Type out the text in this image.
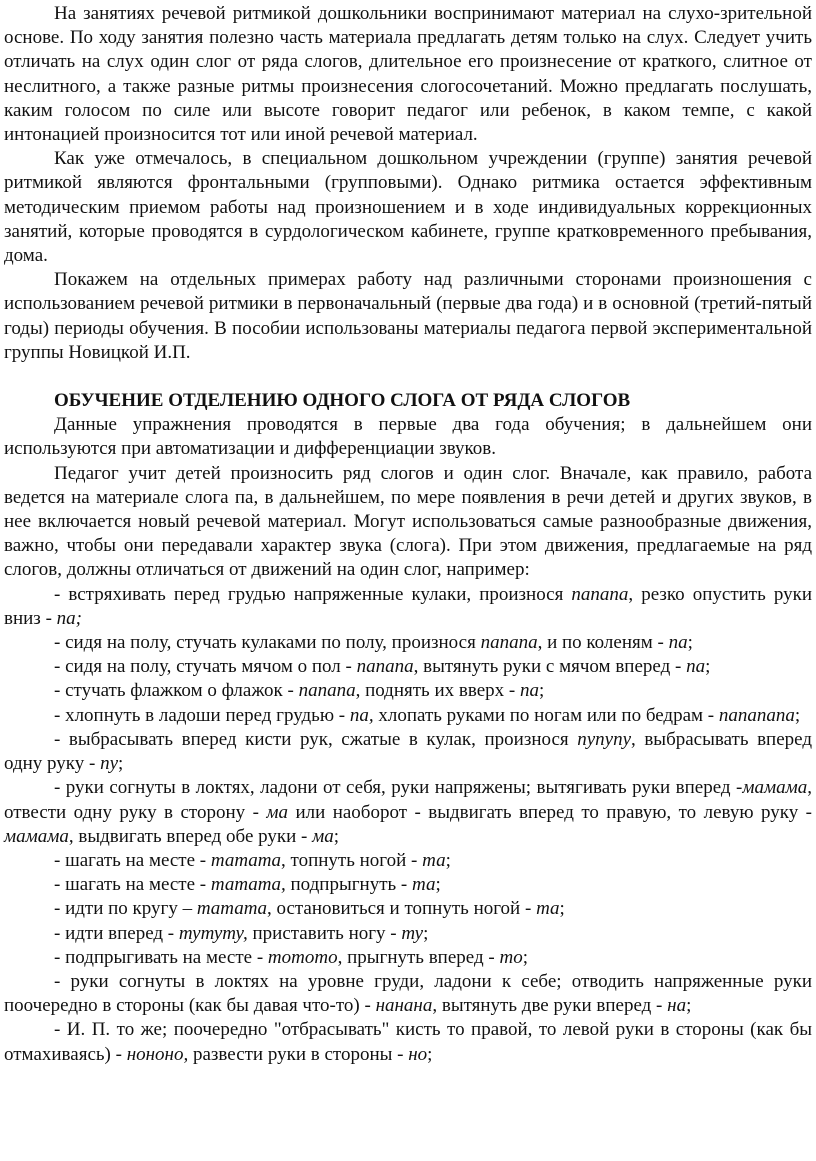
На занятиях речевой ритмикой дошкольники воспринимают материал на слухо-зрительной основе. По ходу занятия полезно часть материала предлагать детям только на слух. Следует учить отличать на слух один слог от ряда слогов, длительное его произнесение от краткого, слитное от неслитного, а также разные ритмы произнесения слогосочетаний. Можно предлагать послушать, каким голосом по силе или высоте говорит педагог или ребенок, в каком темпе, с какой интонацией произносится тот или иной речевой материал.

Как уже отмечалось, в специальном дошкольном учреждении (группе) занятия речевой ритмикой являются фронтальными (групповыми). Однако ритмика остается эффективным методическим приемом работы над произношением и в ходе индивидуальных коррекционных занятий, которые проводятся в сурдологическом кабинете, группе кратковременного пребывания, дома.

Покажем на отдельных примерах работу над различными сторонами произношения с использованием речевой ритмики в первоначальный (первые два года) и в основной (третий-пятый годы) периоды обучения. В пособии использованы материалы педагога первой экспериментальной группы Новицкой И.П.

ОБУЧЕНИЕ ОТДЕЛЕНИЮ ОДНОГО СЛОГА ОТ РЯДА СЛОГОВ

Данные упражнения проводятся в первые два года обучения; в дальнейшем они используются при автоматизации и дифференциации звуков.

Педагог учит детей произносить ряд слогов и один слог. Вначале, как правило, работа ведется на материале слога па, в дальнейшем, по мере появления в речи детей и других звуков, в нее включается новый речевой материал. Могут использоваться самые разнообразные движения, важно, чтобы они передавали характер звука (слога). При этом движения, предлагаемые на ряд слогов, должны отличаться от движений на один слог, например:

- встряхивать перед грудью напряженные кулаки, произнося папапа, резко опустить руки вниз - па;

- сидя на полу, стучать кулаками по полу, произнося папапа, и по коленям - па;

- сидя на полу, стучать мячом о пол - папапа, вытянуть руки с мячом вперед - па;

- стучать флажком о флажок - папапа, поднять их вверх - па;

- хлопнуть в ладоши перед грудью - па, хлопать руками по ногам или по бедрам - папапапа;

- выбрасывать вперед кисти рук, сжатые в кулак, произнося пупупу, выбрасывать вперед одну руку - пу;

- руки согнуты в локтях, ладони от себя, руки напряжены; вытягивать руки вперед -мамама, отвести одну руку в сторону - ма или наоборот - выдвигать вперед то правую, то левую руку - мамама, выдвигать вперед обе руки - ма;

- шагать на месте - тататa, топнуть ногой - та;

- шагать на месте - тататa, подпрыгнуть - та;

- идти по кругу – тататa, остановиться и топнуть ногой - та;

- идти вперед - тутуту, приставить ногу - ту;

- подпрыгивать на месте - тототo, прыгнуть вперед - то;

- руки согнуты в локтях на уровне груди, ладони к себе; отводить напряженные руки поочередно в стороны (как бы давая что-то) - нанана, вытянуть две руки вперед - на;

- И. П. то же; поочередно "отбрасывать" кисть то правой, то левой руки в стороны (как бы отмахиваясь) - нононо, развести руки в стороны - но;
